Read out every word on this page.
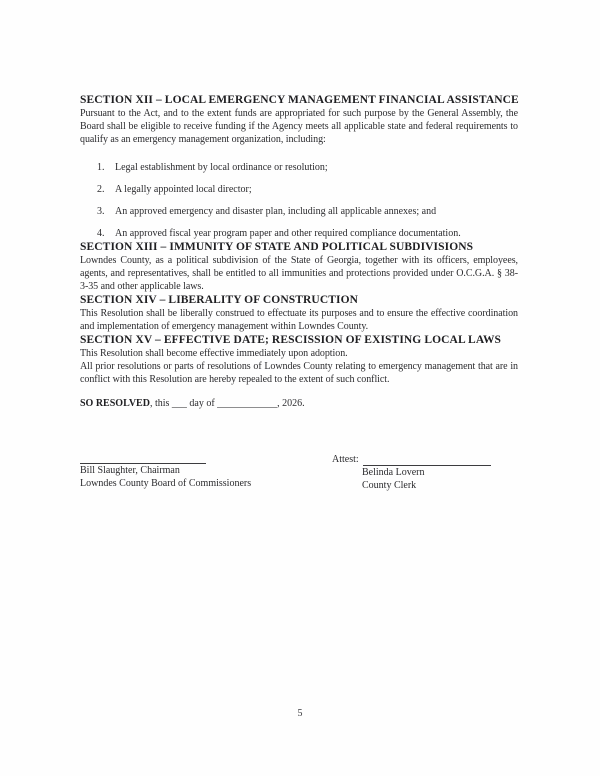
SECTION XII – LOCAL EMERGENCY MANAGEMENT FINANCIAL ASSISTANCE

Pursuant to the Act, and to the extent funds are appropriated for such purpose by the General Assembly, the Board shall be eligible to receive funding if the Agency meets all applicable state and federal requirements to qualify as an emergency management organization, including:

1.	Legal establishment by local ordinance or resolution;
2.	A legally appointed local director;
3.	An approved emergency and disaster plan, including all applicable annexes; and
4.	An approved fiscal year program paper and other required compliance documentation.
SECTION XIII – IMMUNITY OF STATE AND POLITICAL SUBDIVISIONS

Lowndes County, as a political subdivision of the State of Georgia, together with its officers, employees, agents, and representatives, shall be entitled to all immunities and protections provided under O.C.G.A. § 38-3-35 and other applicable laws.

SECTION XIV – LIBERALITY OF CONSTRUCTION

This Resolution shall be liberally construed to effectuate its purposes and to ensure the effective coordination and implementation of emergency management within Lowndes County.

SECTION XV – EFFECTIVE DATE; RESCISSION OF EXISTING LOCAL LAWS

This Resolution shall become effective immediately upon adoption.

All prior resolutions or parts of resolutions of Lowndes County relating to emergency management that are in conflict with this Resolution are hereby repealed to the extent of such conflict.

SO RESOLVED, this ___ day of ____________, 2026.

Bill Slaughter, Chairman
Lowndes County Board of Commissioners
Attest:
Belinda Lovern
County Clerk
5
